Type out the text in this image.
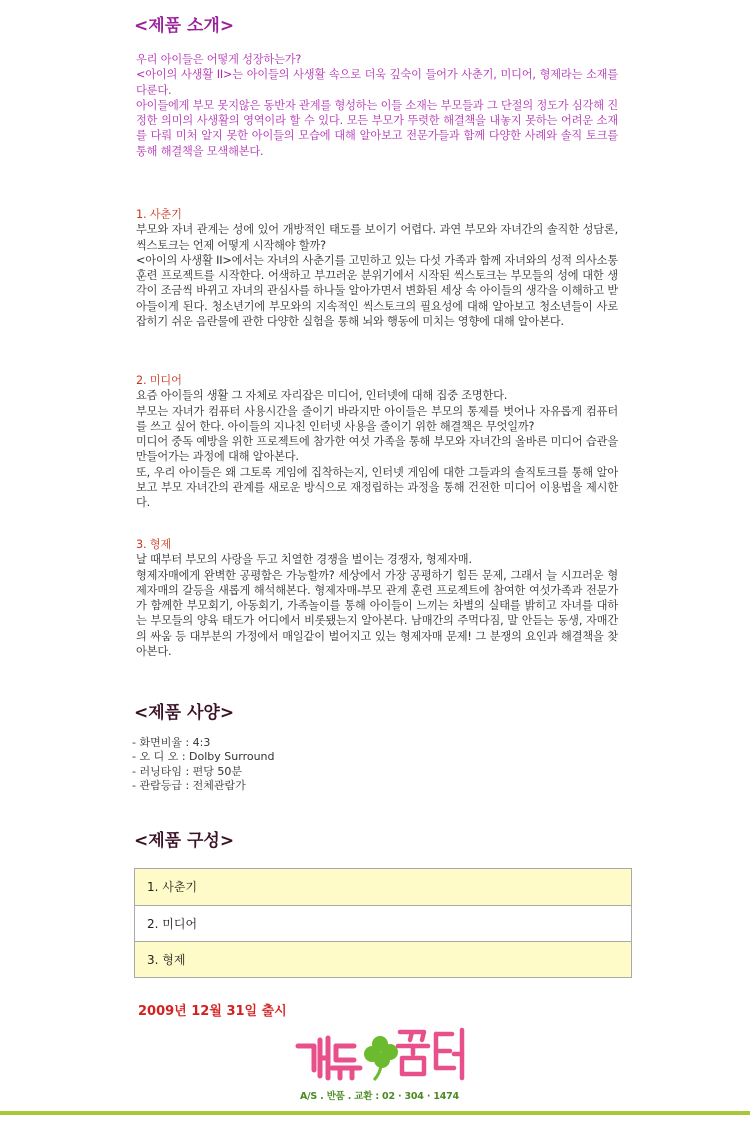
<제품 소개>

우리 아이들은 어떻게 성장하는가?

<아이의 사생활 II>는 아이들의 사생활 속으로 더욱 깊숙이 들어가 사춘기, 미디어, 형제라는 소재를 다룬다.

아이들에게 부모 못지않은 동반자 관계를 형성하는 이들 소재는 부모들과 그 단절의 정도가 심각해 진정한 의미의 사생활의 영역이라 할 수 있다. 모든 부모가 뚜렷한 해결책을 내놓지 못하는 어려운 소재를 다뤄 미처 알지 못한 아이들의 모습에 대해 알아보고 전문가들과 함께 다양한 사례와 솔직 토크를 통해 해결책을 모색해본다.

1. 사춘기

부모와 자녀 관계는 성에 있어 개방적인 태도를 보이기 어렵다. 과연 부모와 자녀간의 솔직한 성담론, 씩스토크는 언제 어떻게 시작해야 할까?

<아이의 사생활 II>에서는 자녀의 사춘기를 고민하고 있는 다섯 가족과 함께 자녀와의 성적 의사소통 훈련 프로젝트를 시작한다. 어색하고 부끄러운 분위기에서 시작된 씩스토크는 부모들의 성에 대한 생각이 조금씩 바뀌고 자녀의 관심사를 하나둘 알아가면서 변화된 세상 속 아이들의 생각을 이해하고 받아들이게 된다. 청소년기에 부모와의 지속적인 씩스토크의 필요성에 대해 알아보고 청소년들이 사로잡히기 쉬운 음란물에 관한 다양한 실험을 통해 뇌와 행동에 미치는 영향에 대해 알아본다.

2. 미디어

요즘 아이들의 생활 그 자체로 자리잡은 미디어, 인터넷에 대해 집중 조명한다.

부모는 자녀가 컴퓨터 사용시간을 줄이기 바라지만 아이들은 부모의 통제를 벗어나 자유롭게 컴퓨터를 쓰고 싶어 한다. 아이들의 지나친 인터넷 사용을 줄이기 위한 해결책은 무엇일까?

미디어 중독 예방을 위한 프로젝트에 참가한 여섯 가족을 통해 부모와 자녀간의 올바른 미디어 습관을 만들어가는 과정에 대해 알아본다.

또, 우리 아이들은 왜 그토록 게임에 집착하는지, 인터넷 게임에 대한 그들과의 솔직토크를 통해 알아보고 부모 자녀간의 관계를 새로운 방식으로 재정립하는 과정을 통해 건전한 미디어 이용법을 제시한다.

3. 형제

날 때부터 부모의 사랑을 두고 치열한 경쟁을 벌이는 경쟁자, 형제자매.

형제자매에게 완벽한 공평함은 가능할까? 세상에서 가장 공평하기 힘든 문제, 그래서 늘 시끄러운 형제자매의 갈등을 새롭게 해석해본다. 형제자매-부모 관계 훈련 프로젝트에 참여한 여섯가족과 전문가가 함께한 부모회기, 아동회기, 가족놀이를 통해 아이들이 느끼는 차별의 실태를 밝히고 자녀를 대하는 부모들의 양육 태도가 어디에서 비롯됐는지 알아본다. 남매간의 주먹다짐, 말 안듣는 동생, 자매간의 싸움 등 대부분의 가정에서 매일같이 벌어지고 있는 형제자매 문제! 그 분쟁의 요인과 해결책을 찾아본다.

<제품 사양>
- 화면비율 : 4:3
- 오 디 오 : Dolby Surround
- 러닝타임 : 편당 50분
- 관람등급 : 전체관람가
<제품 구성>
1. 사춘기
2. 미디어
3. 형제
2009년 12월 31일 출시
A/S . 반품 . 교환 : 02 · 304 · 1474
